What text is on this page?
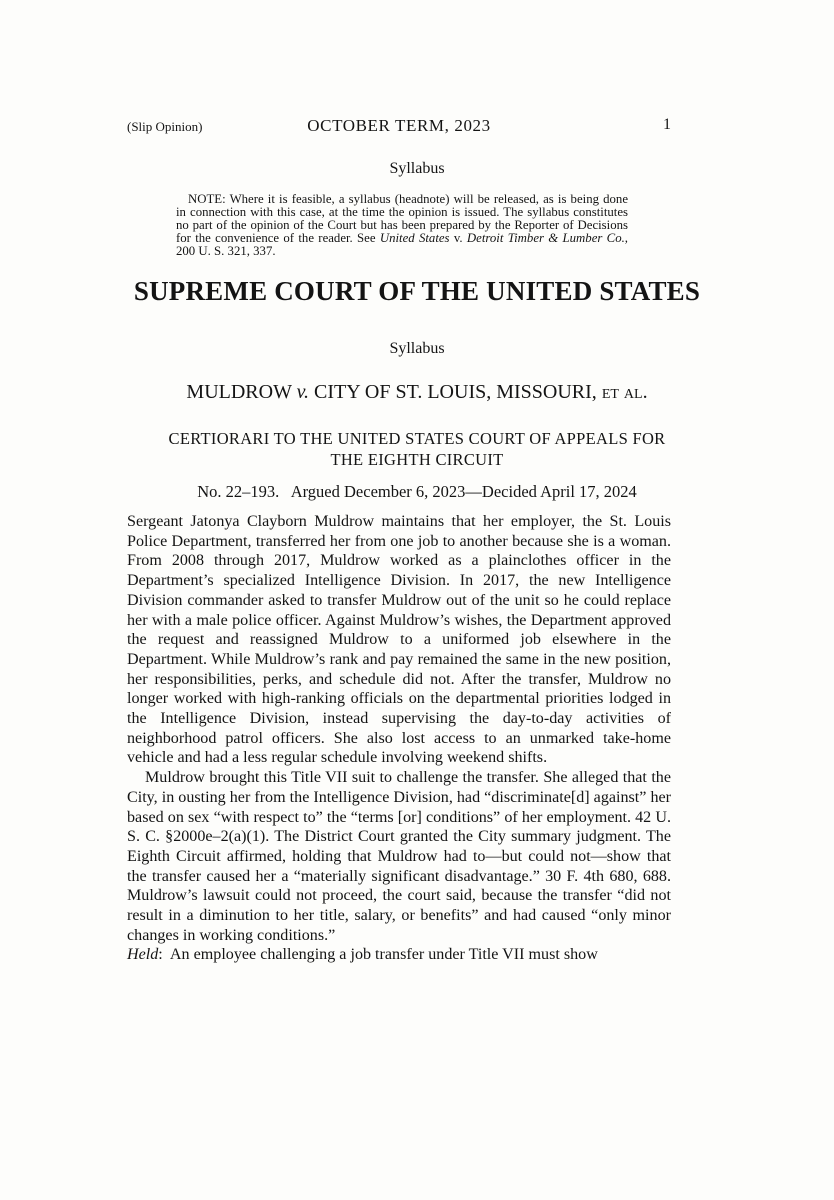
(Slip Opinion)	OCTOBER TERM, 2023	1
Syllabus
NOTE: Where it is feasible, a syllabus (headnote) will be released, as is being done in connection with this case, at the time the opinion is issued. The syllabus constitutes no part of the opinion of the Court but has been prepared by the Reporter of Decisions for the convenience of the reader. See United States v. Detroit Timber & Lumber Co., 200 U. S. 321, 337.
SUPREME COURT OF THE UNITED STATES
Syllabus
MULDROW v. CITY OF ST. LOUIS, MISSOURI, et al.
CERTIORARI TO THE UNITED STATES COURT OF APPEALS FOR
THE EIGHTH CIRCUIT
No. 22–193.   Argued December 6, 2023—Decided April 17, 2024

Sergeant Jatonya Clayborn Muldrow maintains that her employer, the St. Louis Police Department, transferred her from one job to another because she is a woman. From 2008 through 2017, Muldrow worked as a plainclothes officer in the Department’s specialized Intelligence Division. In 2017, the new Intelligence Division commander asked to transfer Muldrow out of the unit so he could replace her with a male police officer. Against Muldrow’s wishes, the Department approved the request and reassigned Muldrow to a uniformed job elsewhere in the Department. While Muldrow’s rank and pay remained the same in the new position, her responsibilities, perks, and schedule did not. After the transfer, Muldrow no longer worked with high-ranking officials on the departmental priorities lodged in the Intelligence Division, instead supervising the day-to-day activities of neighborhood patrol officers. She also lost access to an unmarked take-home vehicle and had a less regular schedule involving weekend shifts.

Muldrow brought this Title VII suit to challenge the transfer. She alleged that the City, in ousting her from the Intelligence Division, had “discriminate[d] against” her based on sex “with respect to” the “terms [or] conditions” of her employment. 42 U. S. C. §2000e–2(a)(1). The District Court granted the City summary judgment. The Eighth Circuit affirmed, holding that Muldrow had to—but could not—show that the transfer caused her a “materially significant disadvantage.” 30 F. 4th 680, 688. Muldrow’s lawsuit could not proceed, the court said, because the transfer “did not result in a diminution to her title, salary, or benefits” and had caused “only minor changes in working conditions.”

Held:  An employee challenging a job transfer under Title VII must show
